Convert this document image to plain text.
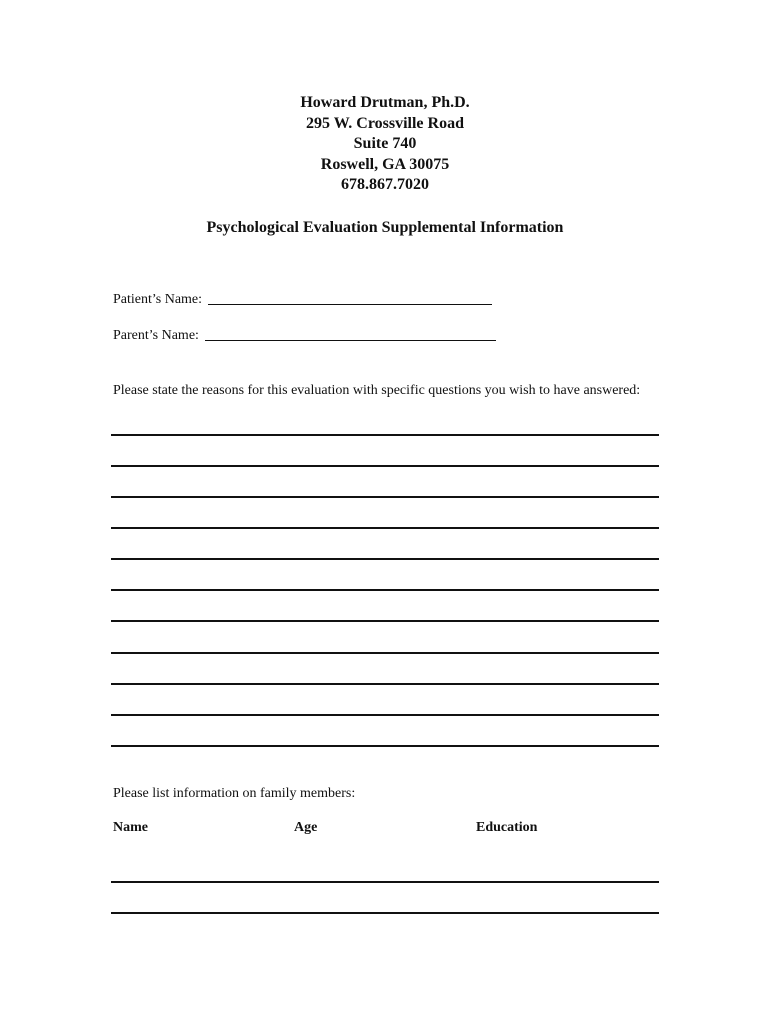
Howard Drutman, Ph.D.
295 W. Crossville Road
Suite 740
Roswell, GA 30075
678.867.7020
Psychological Evaluation Supplemental Information
Patient’s Name:
Parent’s Name:
Please state the reasons for this evaluation with specific questions you wish to have answered:
Please list information on family members:
Name	Age	Education
